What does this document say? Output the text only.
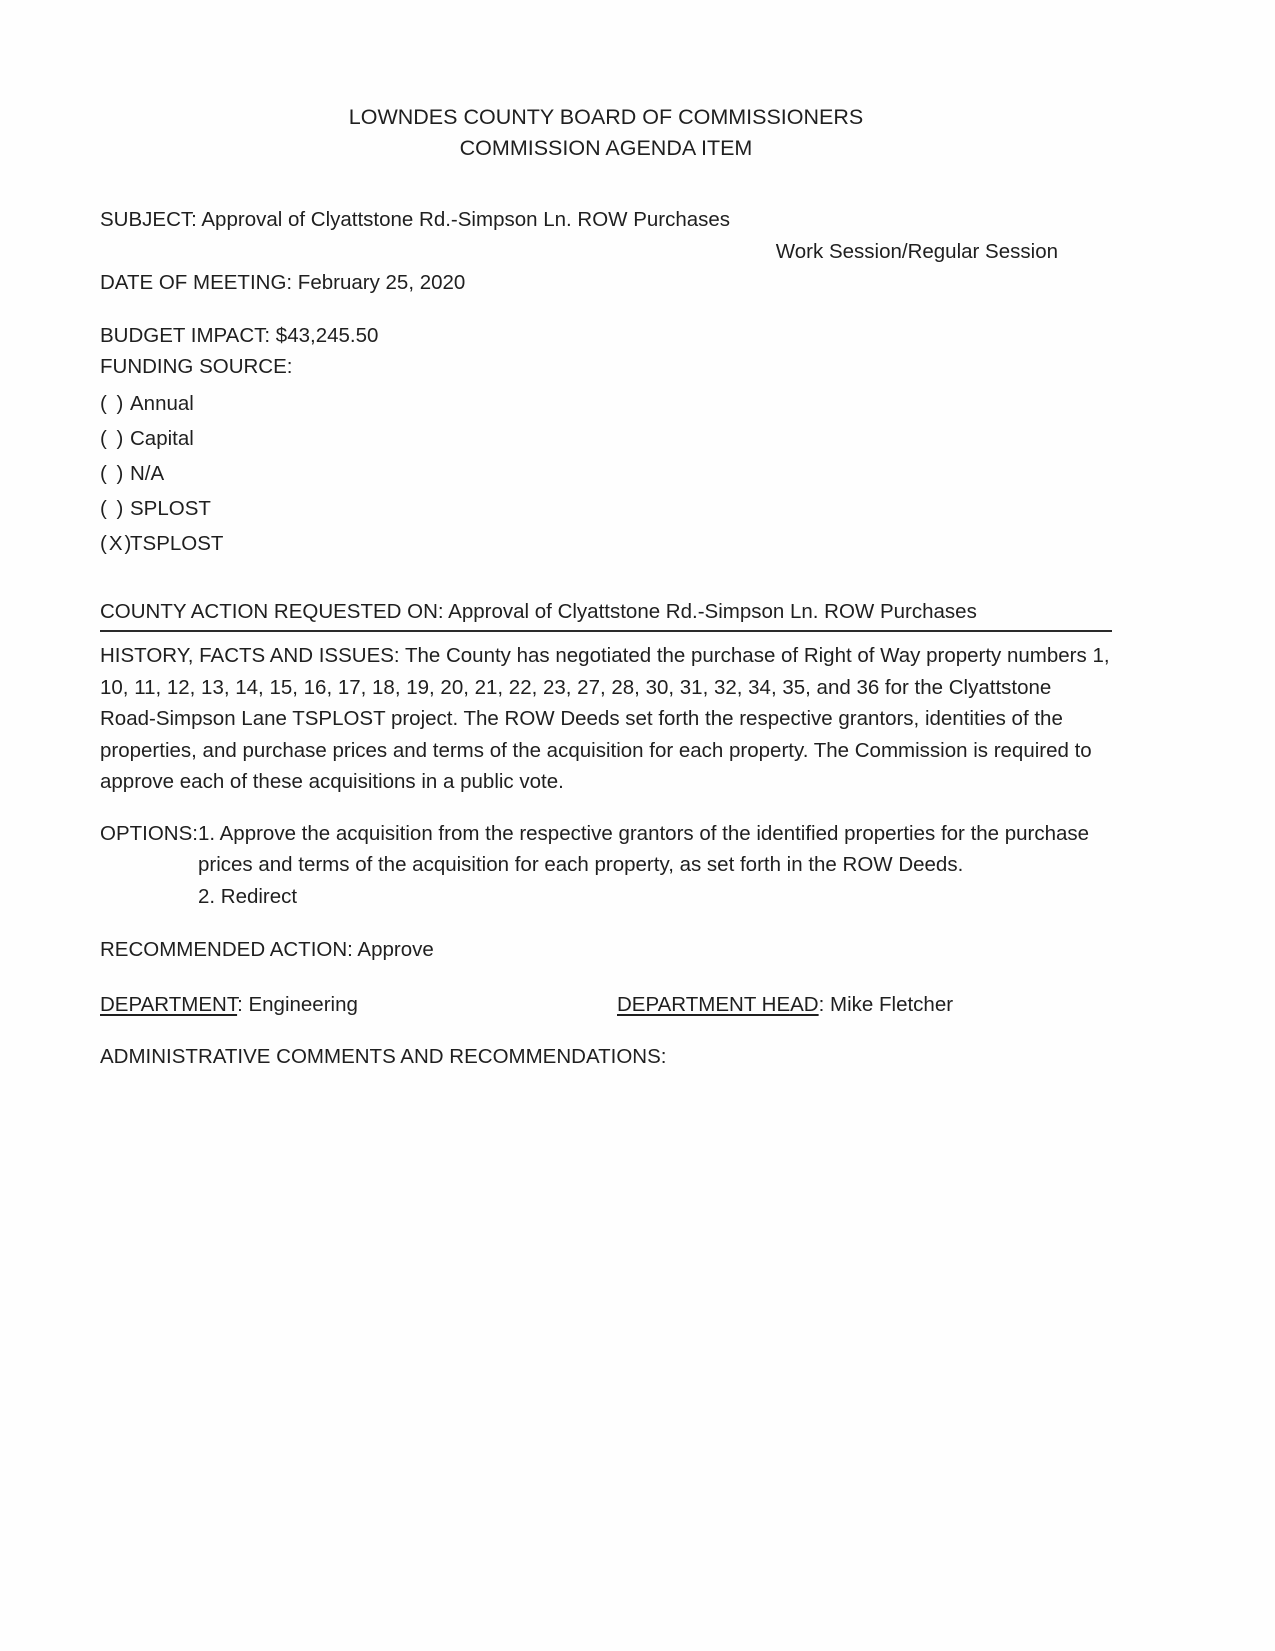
LOWNDES COUNTY BOARD OF COMMISSIONERS
COMMISSION AGENDA ITEM
SUBJECT: Approval of Clyattstone Rd.-Simpson Ln. ROW Purchases
Work Session/Regular Session
DATE OF MEETING: February 25, 2020
BUDGET IMPACT: $43,245.50
FUNDING SOURCE:
( ) Annual
( ) Capital
( ) N/A
( ) SPLOST
(X)
TSPLOST
COUNTY ACTION REQUESTED ON: Approval of Clyattstone Rd.-Simpson Ln. ROW Purchases

HISTORY, FACTS AND ISSUES: The County has negotiated the purchase of Right of Way property numbers 1, 10, 11, 12, 13, 14, 15, 16, 17, 18, 19, 20, 21, 22, 23, 27, 28, 30, 31, 32, 34, 35, and 36 for the Clyattstone Road-Simpson Lane TSPLOST project. The ROW Deeds set forth the respective grantors, identities of the properties, and purchase prices and terms of the acquisition for each property. The Commission is required to approve each of these acquisitions in a public vote.

OPTIONS: 1. Approve the acquisition from the respective grantors of the identified properties for the purchase prices and terms of the acquisition for each property, as set forth in the ROW Deeds.
2. Redirect
RECOMMENDED ACTION: Approve
DEPARTMENT: Engineering	DEPARTMENT HEAD: Mike Fletcher
ADMINISTRATIVE COMMENTS AND RECOMMENDATIONS:
